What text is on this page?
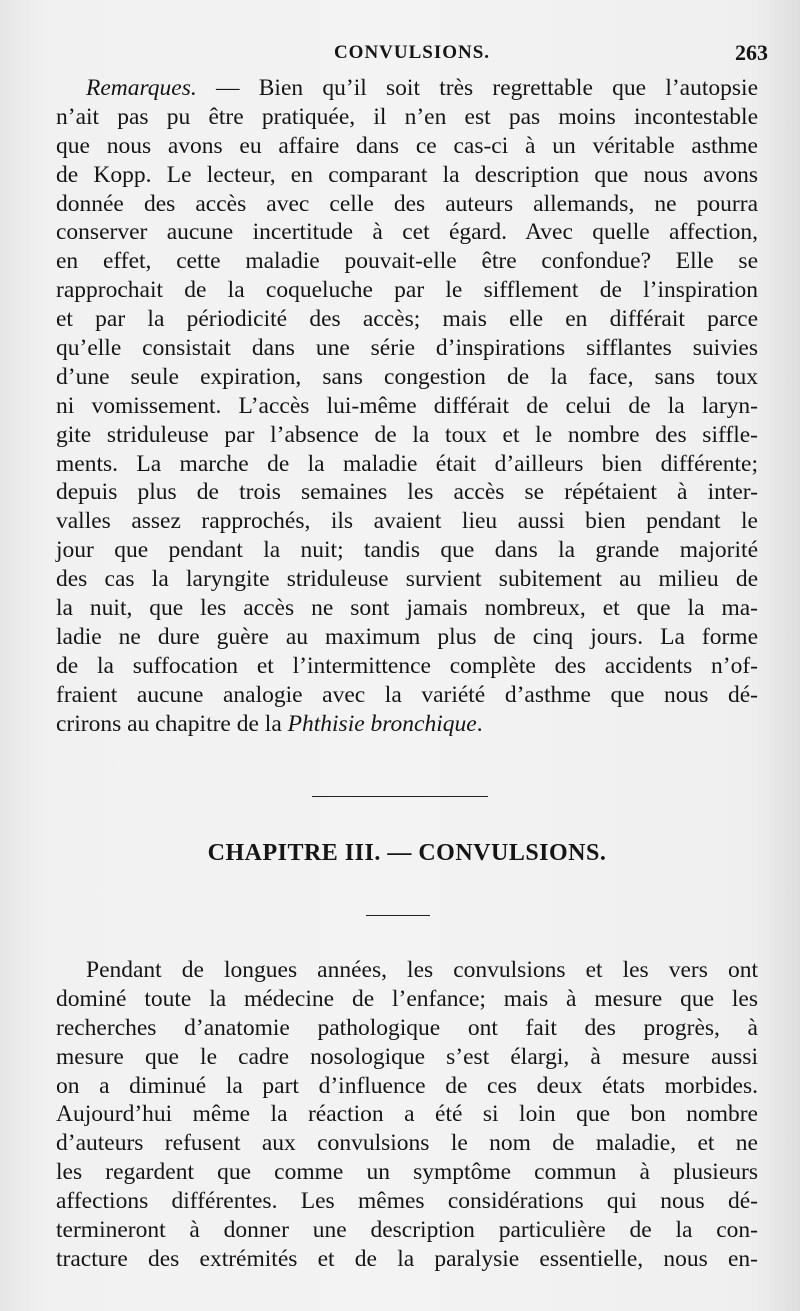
CONVULSIONS.	263
Remarques. — Bien qu’il soit très regrettable que l’autopsie
n’ait pas pu être pratiquée, il n’en est pas moins incontestable
que nous avons eu affaire dans ce cas-ci à un véritable asthme
de Kopp. Le lecteur, en comparant la description que nous avons
donnée des accès avec celle des auteurs allemands, ne pourra
conserver aucune incertitude à cet égard. Avec quelle affection,
en effet, cette maladie pouvait-elle être confondue? Elle se
rapprochait de la coqueluche par le sifflement de l’inspiration
et par la périodicité des accès; mais elle en différait parce
qu’elle consistait dans une série d’inspirations sifflantes suivies
d’une seule expiration, sans congestion de la face, sans toux
ni vomissement. L’accès lui-même différait de celui de la laryn-
gite striduleuse par l’absence de la toux et le nombre des siffle-
ments. La marche de la maladie était d’ailleurs bien différente;
depuis plus de trois semaines les accès se répétaient à inter-
valles assez rapprochés, ils avaient lieu aussi bien pendant le
jour que pendant la nuit; tandis que dans la grande majorité
des cas la laryngite striduleuse survient subitement au milieu de
la nuit, que les accès ne sont jamais nombreux, et que la ma-
ladie ne dure guère au maximum plus de cinq jours. La forme
de la suffocation et l’intermittence complète des accidents n’of-
fraient aucune analogie avec la variété d’asthme que nous dé-
crirons au chapitre de la Phthisie bronchique.
CHAPITRE III. — CONVULSIONS.
Pendant de longues années, les convulsions et les vers ont
dominé toute la médecine de l’enfance; mais à mesure que les
recherches d’anatomie pathologique ont fait des progrès, à
mesure que le cadre nosologique s’est élargi, à mesure aussi
on a diminué la part d’influence de ces deux états morbides.
Aujourd’hui même la réaction a été si loin que bon nombre
d’auteurs refusent aux convulsions le nom de maladie, et ne
les regardent que comme un symptôme commun à plusieurs
affections différentes. Les mêmes considérations qui nous dé-
termineront à donner une description particulière de la con-
tracture des extrémités et de la paralysie essentielle, nous en-
